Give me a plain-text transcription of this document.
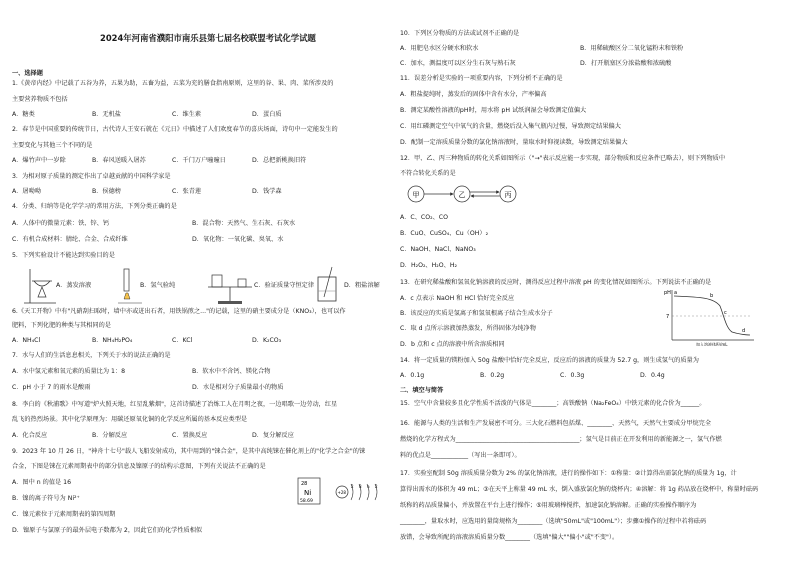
2024年河南省濮阳市南乐县第七届名校联盟考试化学试题
一、选择题
1.《黄帝内经》中记载了五谷为养，五果为助，五畜为益，五菜为充的膳食指南原则，这里的谷、果、肉、菜所涉及的
主要营养物质不包括
A．糖类	B．无机盐	C．维生素	D．蛋白质
2．春节是中国重要的传统节日，古代诗人王安石就在《元日》中描述了人们欢度春节的喜庆场面，诗句中一定能发生的
主要变化与其他三个不同的是
A．爆竹声中一岁除	B．春风送暖入屠苏	C．千门万户曈曈日	D．总把新桃换旧符
3．为相对原子质量的测定作出了卓越贡献的中国科学家是
A．屠呦呦	B．侯德榜	C．张青莲	D．钱学森
4．分类、归纳等是化学学习的常用方法，下列分类正确的是
A．人体中的微量元素：铁、锌、钙	B．混合物：天然气、生石灰、石灰水
C．有机合成材料：腈纶、合金、合成纤维	D．氧化物：一氧化碳、臭氧、水
5．下列实验设计不能达到实验目的是
A．蒸发溶液	B．氢气验纯	C．验证质量守恒定律	D．粗盐溶解
6.《天工开物》中有"凡硝刮扫取时，墙中亦或迸出石者，用铁锅煎之..."的记载，这里的硝主要成分是（KNO₃），也可以作
肥料，下列化肥的种类与其相同的是
A．NH₄Cl	B．NH₄H₂PO₄	C．KCl	D．K₂CO₃
7．水与人们的生活息息相关，下列关于水的说法正确的是
A．水中氢元素和氧元素的质量比为 1：8	B．软水中不含钙、镁化合物
C．pH 小于 7 的雨水是酸雨	D．水是相对分子质量最小的物质
8．李白的《秋浦歌》中写道"炉火照天地，红星乱紫烟"，这首诗描述了冶炼工人在月明之夜，一边唱歌一边劳动，红星
乱飞的热烈场景。其中化学原理为：用碳还原氧化铜的化学反应所属的基本反应类型是
A．化合反应	B．分解反应	C．置换反应	D．复分解反应
9．2023 年 10 月 26 日，"神舟十七号"载人飞船发射成功，其中用到的"铼合金"，是其中高纯铼在催化剂上的"化学之合金"的铼
合金，下图是铼在元素周期表中的部分信息及镍原子的结构示意图，下列有关说法不正确的是
A．图中 n 的值是 16
B．镍的离子符号为 Ni²⁺
C．镍元素位于元素周期表的第四周期
D．镍原子与氯原子的最外层电子数都为 2，因此它们的化学性质相似
28
Ni
58.69
+28
2 8 n 2
10．下列区分物质的方法或试剂不正确的是
A．用肥皂水区分硬水和软水	B．用稀硫酸区分二氧化锰粉末和铁粉
C．加水，测温度可以区分生石灰与熟石灰	D．打开瓶塞区分浓盐酸和浓硫酸
11．误差分析是实验的一项重要内容，下列分析不正确的是
A．粗盐提纯时，蒸发后的固体中含有水分，产率偏高
B．测定某酸性溶液的pH时，用水将 pH 试纸润湿会导致测定值偏大
C．用红磷测定空气中氧气的含量，燃烧后没入集气瓶内过慢，导致测定结果偏大
D．配制一定溶质质量分数的氯化钠溶液时，量取水时仰视读数，导致测定结果偏大
12．甲、乙、丙三种物质的转化关系如图所示（"→"表示反应能一步实现，部分物质和反应条件已略去），则下列物质中
不符合转化关系的是
甲	乙	丙
A．C、CO₂、CO
B．CuO、CuSO₄、Cu（OH）₂
C．NaOH、NaCl、NaNO₃
D．H₂O₂、H₂O、H₂
13．在研究稀盐酸和氢氧化钠溶液的反应时，测得反应过程中溶液 pH 的变化情况如图所示。下列说法不正确的是
A．c 点表示 NaOH 和 HCl 恰好完全反应
B．该反应的实质是氢离子和氢氧根离子结合生成水分子
C．取 d 点所示溶液加热蒸发，所得固体为纯净物
D．b 点和 c 点的溶液中所含溶质相同
pH
7
a	b
c
d
加入溶液体积/mL
14．将一定质量的镁粉加入 50g 盐酸中恰好完全反应，反应后的溶液的质量为 52.7 g，则生成氢气的质量为
A．0.1g	B．0.2g	C．0.3g	D．0.4g
二、填空与简答
15．空气中含量较多且化学性质不活泼的气体是________；高铁酸钠（Na₂FeO₄）中铁元素的化合价为______。
16．能源与人类的生活和生产发展密不可分。三大化石燃料包括煤、________、天然气，天然气主要成分甲烷完全
燃烧的化学方程式为________________________________________；氢气是目前正在开发利用的新能源之一，氢气作燃
料的优点是____________（写出一条即可）。
17．实验室配制 50g 溶质质量分数为 2% 的氯化钠溶液，进行的操作如下：①称量：②计算得出需氯化钠的质量为 1g，计
算得出需水的体积为 49 mL；③在天平上称量 49 mL 水，倒入盛放氯化钠的烧杯内；④溶解：将 1g 药品放在烧杯中，称量时砝码
纸称的药品质量偏小，并放置在平台上进行操作；⑤用玻璃棒搅拌，加速氯化钠溶解。正确的实验操作顺序为
________，量取水时，应选用的量筒规格为________（选填"50mL"或"100mL"）；步骤①操作的过程中若将砝码
放错，会导致所配的溶液溶质质量分数________（选填"偏大""偏小"或"不变"）。
